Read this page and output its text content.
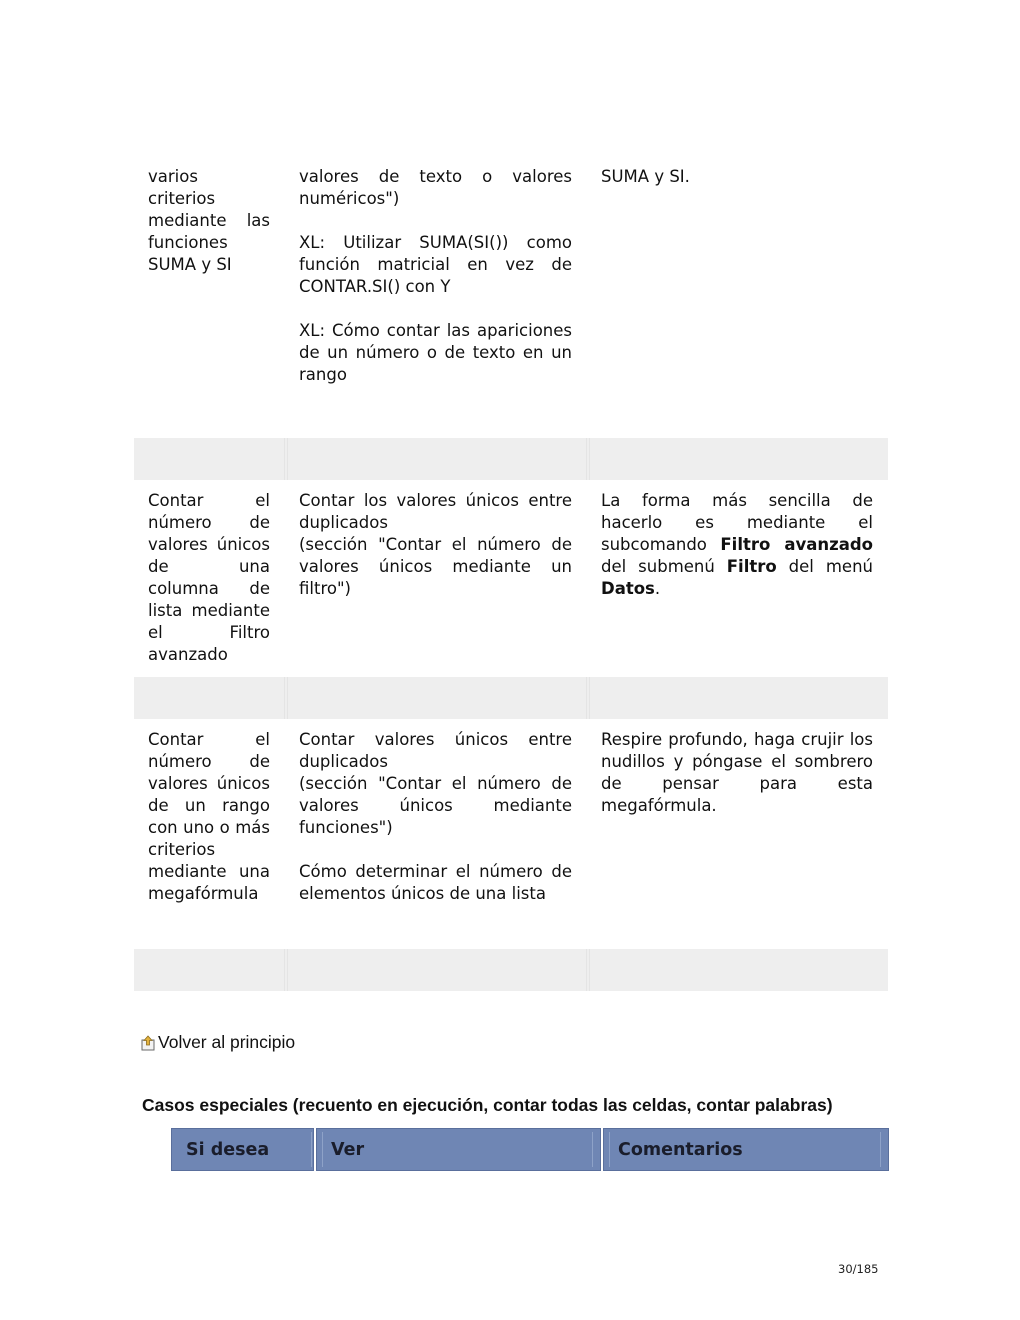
varios criterios mediante las funciones SUMA y SI

valores de texto o valores numéricos")

XL: Utilizar SUMA(SI()) como función matricial en vez de CONTAR.SI() con Y

XL: Cómo contar las apariciones de un número o de texto en un rango

SUMA y SI.

Contar el número de valores únicos de una columna de lista mediante el Filtro avanzado

Contar los valores únicos entre duplicados
(sección "Contar el número de valores únicos mediante un filtro")

La forma más sencilla de hacerlo es mediante el subcomando Filtro avanzado del submenú Filtro del menú Datos.

Contar el número de valores únicos de un rango con uno o más criterios mediante una megafórmula

Contar valores únicos entre duplicados
(sección "Contar el número de valores únicos mediante funciones")

Cómo determinar el número de elementos únicos de una lista

Respire profundo, haga crujir los nudillos y póngase el sombrero de pensar para esta megafórmula.

Volver al principio
Casos especiales (recuento en ejecución, contar todas las celdas, contar palabras)
Si desea	Ver	Comentarios
30/185
